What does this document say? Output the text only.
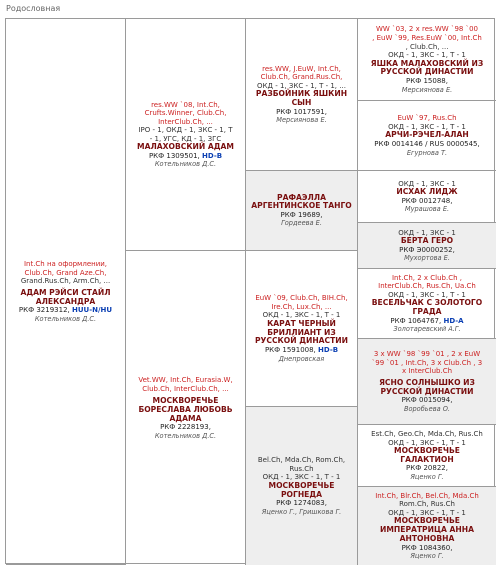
Родословная
Int.Ch на оформлении,
Club.Ch, Grand Aze.Ch,
Grand.Rus.Ch, Arm.Ch, ...
АДАМ РЭЙСИ СТАЙЛ
АЛЕКСАНДРА
РКФ 3219312, HUU-N/HU
Котельников Д.С.
res.WW `08, Int.Ch,
Crufts.Winner, Club.Ch,
InterClub.Ch, ...
IPO - 1, ОКД - 1, ЗКС - 1, Т
- 1, УГС, КД - 1, ЗГС
МАЛАХОВСКИЙ АДАМ
РКФ 1309501, HD-B
Котельников Д.С.
Vet.WW, Int.Ch, Eurasia.W,
Club.Ch, InterClub.Ch, ...
МОСКВОРЕЧЬЕ
БОРЕСЛАВА ЛЮБОВЬ
АДАМА
РКФ 2228193,
Котельников Д.С.
res.WW, J.EuW, Int.Ch,
Club.Ch, Grand.Rus.Ch,
ОКД - 1, ЗКС - 1, Т - 1, ...
РАЗБОЙНИК ЯШКИН
СЫН
РКФ 1017591,
Мерсиянова Е.
РАФАЭЛЛА
АРГЕНТИНСКОЕ ТАНГО
РКФ 19689,
Гордеева Е.
EuW `09, Club.Ch, BIH.Ch,
Ire.Ch, Lux.Ch, ...
ОКД - 1, ЗКС - 1, Т - 1
КАРАТ ЧЕРНЫЙ
БРИЛЛИАНТ ИЗ
РУССКОЙ ДИНАСТИИ
РКФ 1591008, HD-B
Днепровская
Bel.Ch, Mda.Ch, Rom.Ch,
Rus.Ch
ОКД - 1, ЗКС - 1, Т - 1
МОСКВОРЕЧЬЕ
РОГНЕДА
РКФ 1274083,
Яценко Г., Гришкова Г.
WW `03, 2 x res.WW `98 `00
, EuW `99, Res.EuW `00, Int.Ch
, Club.Ch, ...
ОКД - 1, ЗКС - 1, Т - 1
ЯШКА МАЛАХОВСКИЙ ИЗ
РУССКОЙ ДИНАСТИИ
РКФ 15088,
Мерсиянова Е.
EuW `97, Rus.Ch
ОКД - 1, ЗКС - 1, Т - 1
АРЧИ-РЭЧЕЛ-АЛАН
РКФ 0014146 / RUS 0000545,
Егурнова Т.
ОКД - 1, ЗКС - 1
ИСХАК ЛИДЖ
РКФ 0012748,
Мурашова Е.
ОКД - 1, ЗКС - 1
БЕРТА ГЕРО
РКФ Э0000252,
Мухортова Е.
Int.Ch, 2 x Club.Ch ,
InterClub.Ch, Rus.Ch, Ua.Ch
ОКД - 1, ЗКС - 1, Т - 1
ВЕСЕЛЬЧАК С ЗОЛОТОГО
ГРАДА
РКФ 1064767, HD-A
Золотаревский А.Г.
3 x WW `98 `99 `01 , 2 x EuW
`99 `01 , Int.Ch, 3 x Club.Ch , 3
x InterClub.Ch
ЯСНО СОЛНЫШКО ИЗ
РУССКОЙ ДИНАСТИИ
РКФ 0015094,
Воробьева О.
Est.Ch, Geo.Ch, Mda.Ch, Rus.Ch
ОКД - 1, ЗКС - 1, Т - 1
МОСКВОРЕЧЬЕ
ГАЛАКТИОН
РКФ 20822,
Яценко Г.
Int.Ch, Blr.Ch, Bel.Ch, Mda.Ch
Rom.Ch, Rus.Ch
ОКД - 1, ЗКС - 1, Т - 1
МОСКВОРЕЧЬЕ
ИМПЕРАТРИЦА АННА
АНТОНОВНА
РКФ 1084360,
Яценко Г.
